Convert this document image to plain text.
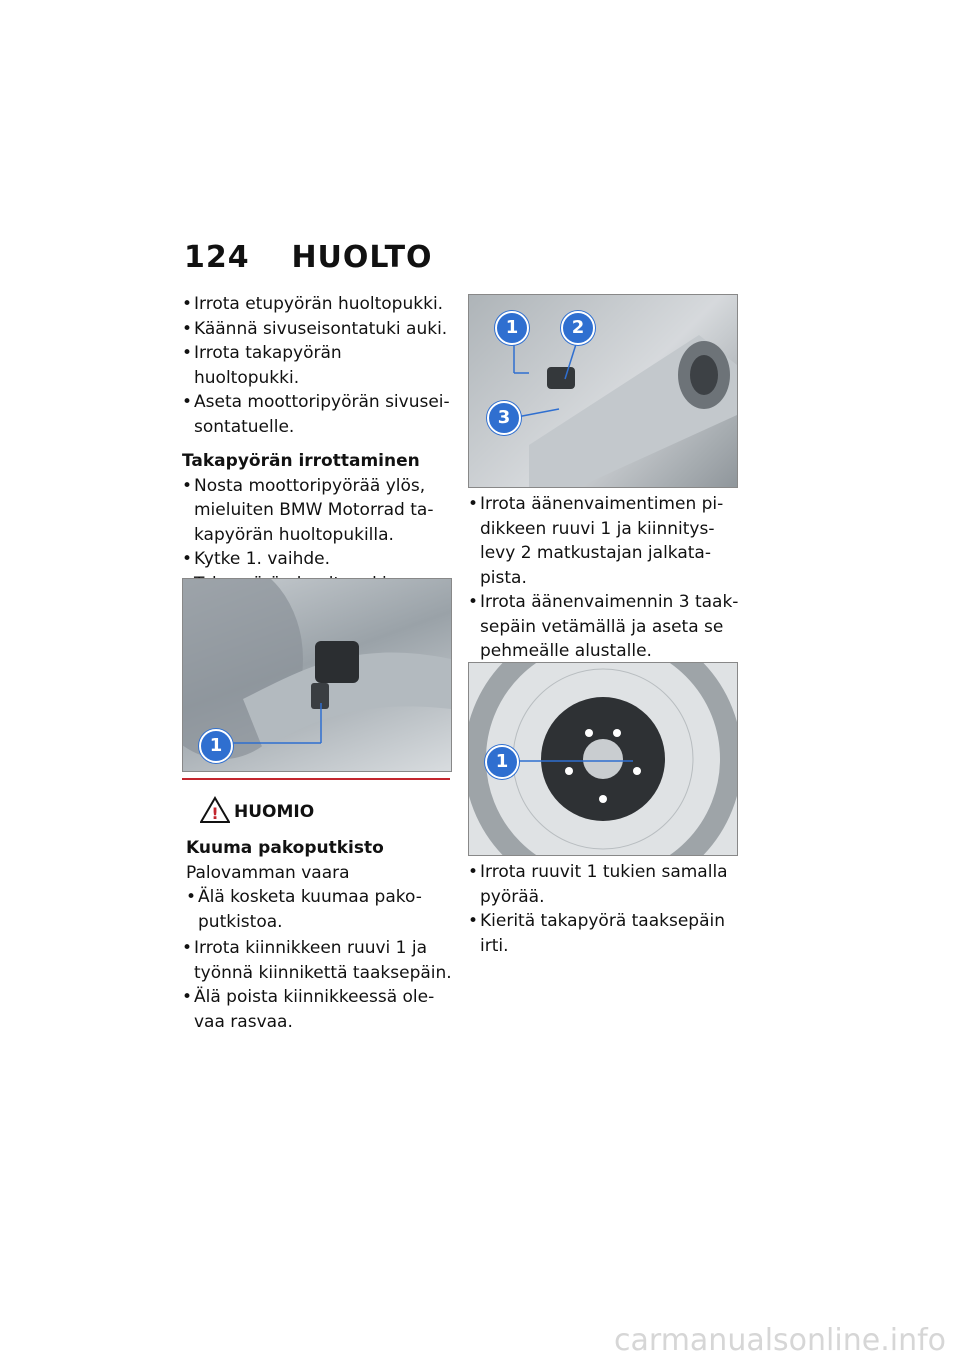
124 HUOLTO
• Irrota etupyörän huoltopukki.
• Käännä sivuseisontatuki auki.
• Irrota takapyörän huoltopukki.
• Aseta moottoripyörän sivusei-sontatuelle.
Takapyörän irrottaminen
• Nosta moottoripyörää ylös, mieluiten BMW Motorrad ta-kapyörän huoltopukilla.
• Kytke 1. vaihde.
•
1
! HUOMIO
Kuuma pakoputkisto
Palovamman vaara
• Älä kosketa kuumaa pako-putkistoa.
• Irrota kiinnikkeen ruuvi 1 ja työnnä kiinnikettä taaksepäin.
• Älä poista kiinnikkeessä ole-vaa rasvaa.
1	2
3
• Irrota äänenvaimentimen pi-dikkeen ruuvi 1 ja kiinnitys-levy 2 matkustajan jalkata-pista.
• Irrota äänenvaimennin 3 taak-sepäin vetämällä ja aseta se pehmeälle alustalle.
1
• Irrota ruuvit 1 tukien samalla pyörää.
• Kieritä takapyörä taaksepäin irti.
carmanualsonline.info
